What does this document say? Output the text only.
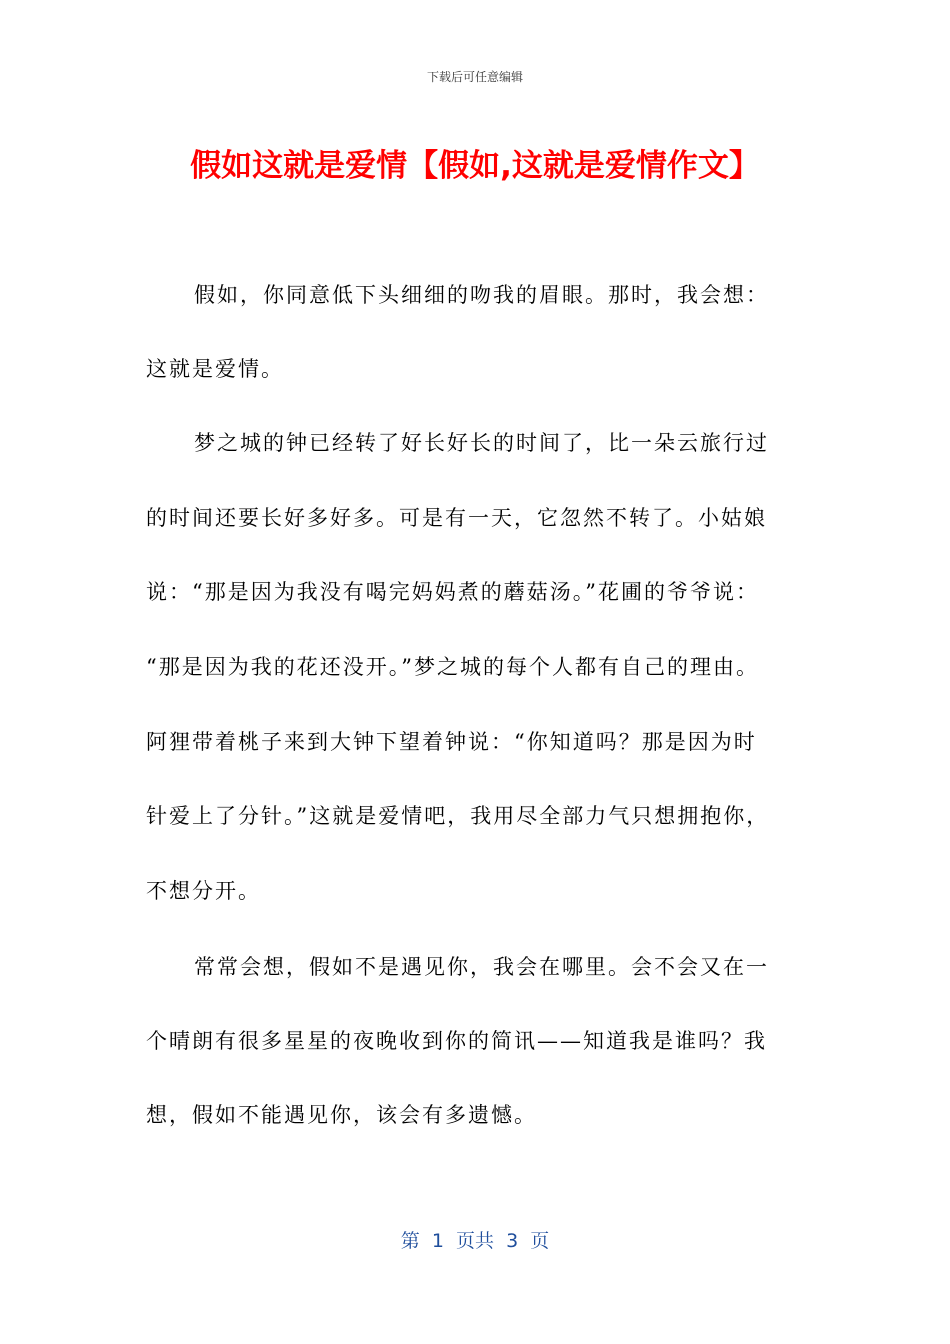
下载后可任意编辑
假如这就是爱情【假如,这就是爱情作文】
假如，你同意低下头细细的吻我的眉眼。那时，我会想：
这就是爱情。
梦之城的钟已经转了好长好长的时间了，比一朵云旅行过
的时间还要长好多好多。可是有一天，它忽然不转了。小姑娘
说：“那是因为我没有喝完妈妈煮的蘑菇汤。”花圃的爷爷说：
“那是因为我的花还没开。”梦之城的每个人都有自己的理由。
阿狸带着桃子来到大钟下望着钟说：“你知道吗？那是因为时
针爱上了分针。”这就是爱情吧，我用尽全部力气只想拥抱你，
不想分开。
常常会想，假如不是遇见你，我会在哪里。会不会又在一
个晴朗有很多星星的夜晚收到你的简讯——知道我是谁吗？我
想，假如不能遇见你，该会有多遗憾。
第  1  页共  3  页
